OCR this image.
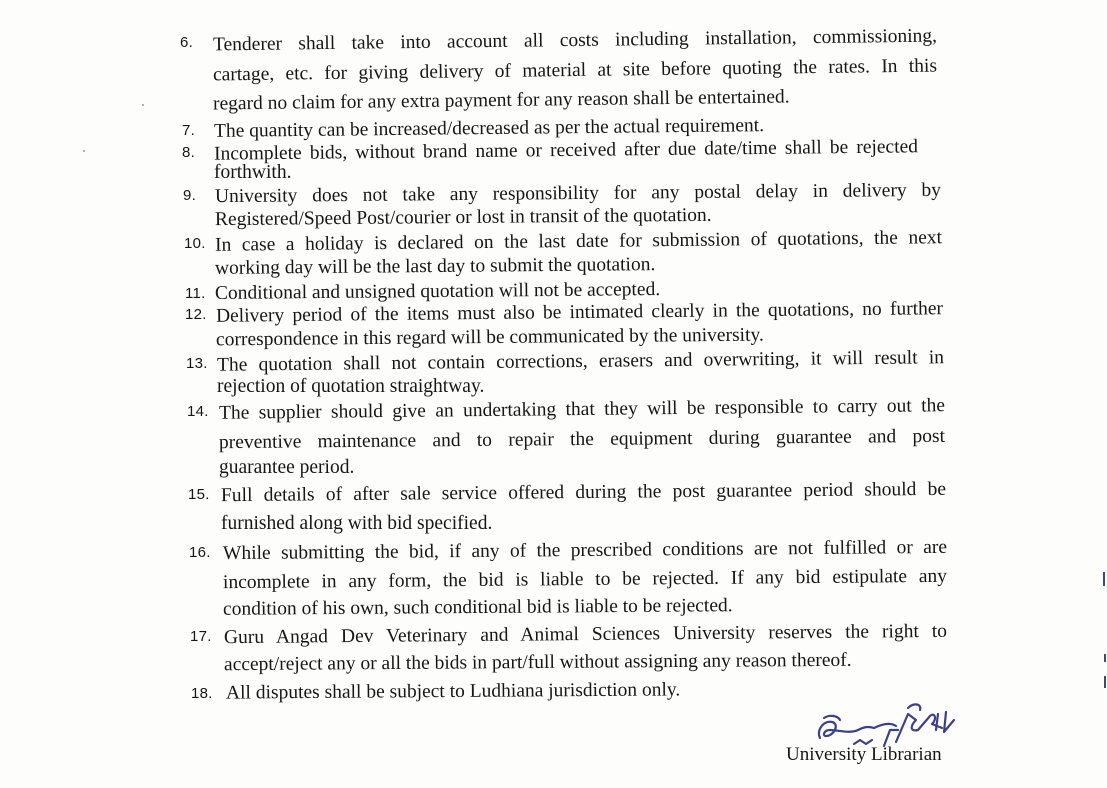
6. Tenderer shall take into account all costs including installation, commissioning,
cartage, etc. for giving delivery of material at site before quoting the rates. In this
regard no claim for any extra payment for any reason shall be entertained.
7. The quantity can be increased/decreased as per the actual requirement.
8. Incomplete bids, without brand name or received after due date/time shall be rejected
forthwith.
9. University does not take any responsibility for any postal delay in delivery by
Registered/Speed Post/courier or lost in transit of the quotation.
10. In case a holiday is declared on the last date for submission of quotations, the next
working day will be the last day to submit the quotation.
11. Conditional and unsigned quotation will not be accepted.
12. Delivery period of the items must also be intimated clearly in the quotations, no further
correspondence in this regard will be communicated by the university.
13. The quotation shall not contain corrections, erasers and overwriting, it will result in
rejection of quotation straightway.
14. The supplier should give an undertaking that they will be responsible to carry out the
preventive maintenance and to repair the equipment during guarantee and post
guarantee period.
15. Full details of after sale service offered during the post guarantee period should be
furnished along with bid specified.
16. While submitting the bid, if any of the prescribed conditions are not fulfilled or are
incomplete in any form, the bid is liable to be rejected. If any bid estipulate any
condition of his own, such conditional bid is liable to be rejected.
17. Guru Angad Dev Veterinary and Animal Sciences University reserves the right to
accept/reject any or all the bids in part/full without assigning any reason thereof.
18. All disputes shall be subject to Ludhiana jurisdiction only.
University Librarian
